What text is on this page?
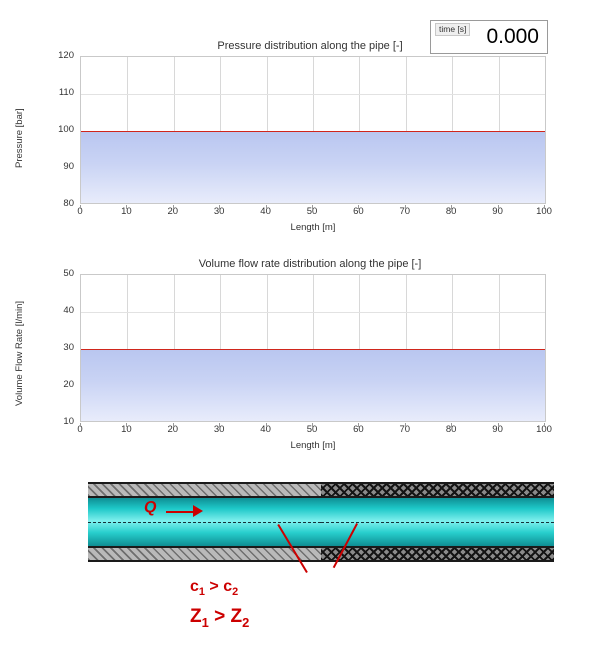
time [s] 0.000
Pressure distribution along the pipe [-]
Pressure [bar]
Length [m]
0	10	20	30	40	50	60	70	80	90	100
80
90
100
110
120
Volume flow rate distribution along the pipe [-]
Volume Flow Rate [l/min]
Length [m]
0	10	20	30	40	50	60	70	80	90	100
10
20
30
40
50
Q
$c_1 > c_2$
$Z_1 > Z_2$
